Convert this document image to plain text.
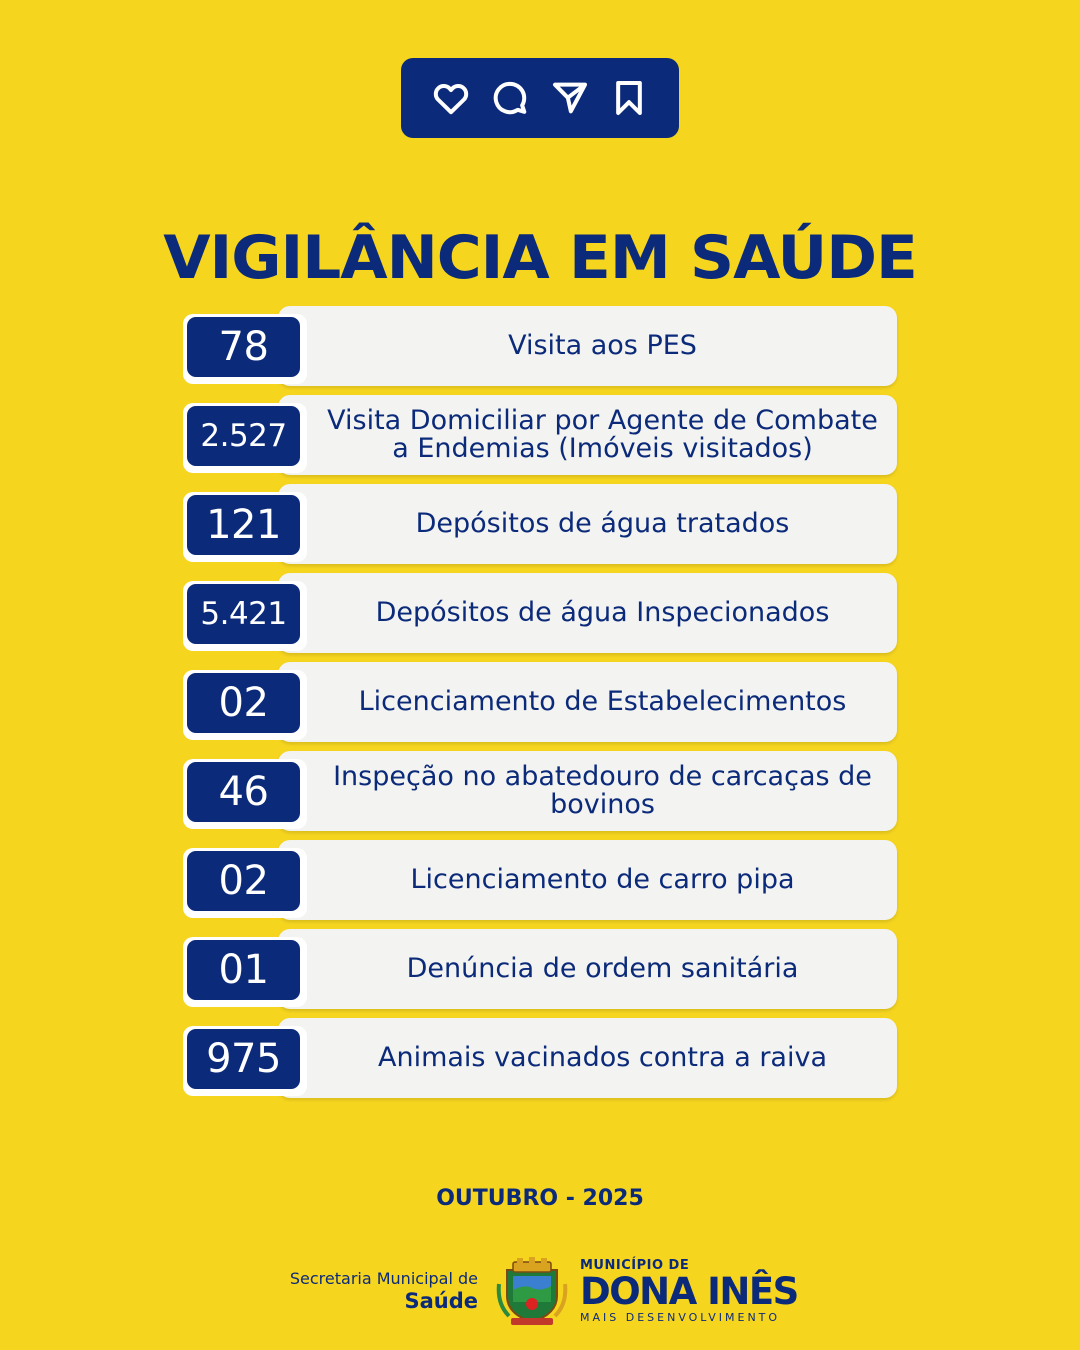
VIGILÂNCIA EM SAÚDE
Visita aos PES
78
Visita Domiciliar por Agente de Combate a Endemias (Imóveis visitados)
2.527
Depósitos de água tratados
121
Depósitos de água Inspecionados
5.421
Licenciamento de Estabelecimentos
02
Inspeção no abatedouro de carcaças de bovinos
46
Licenciamento de carro pipa
02
Denúncia de ordem sanitária
01
Animais vacinados contra a raiva
975
OUTUBRO - 2025
Secretaria Municipal de
Saúde
MUNICÍPIO DE
DONA INÊS
MAIS DESENVOLVIMENTO
